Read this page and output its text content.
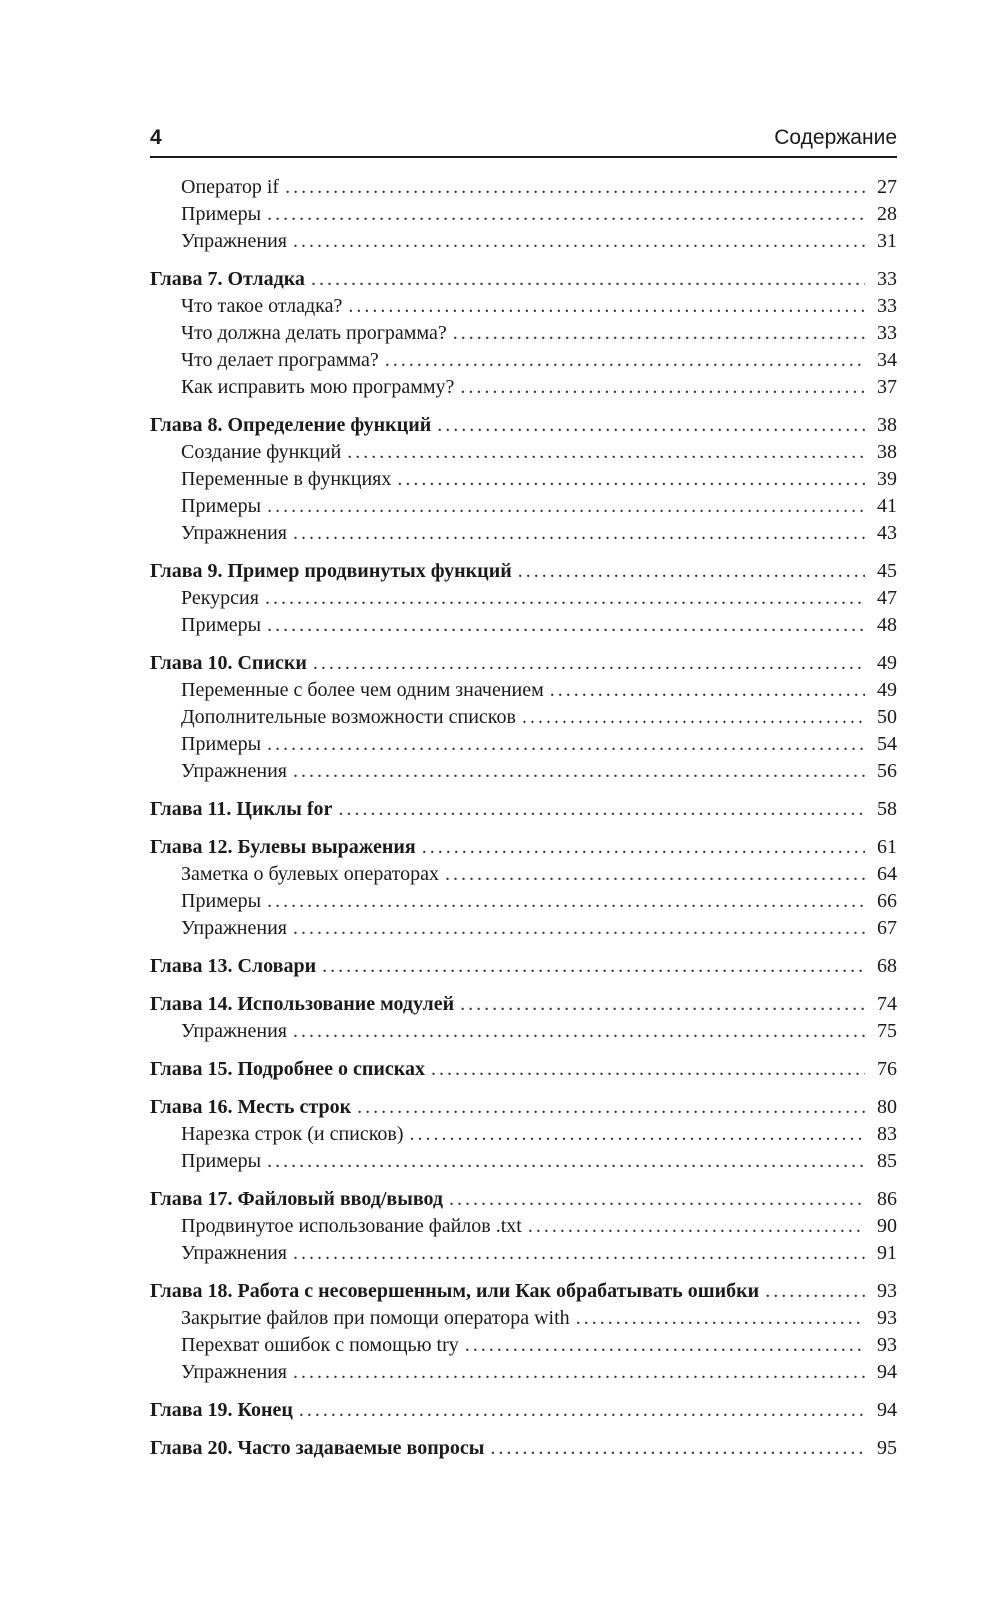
4	Содержание
Оператор if .....	27
Примеры .....	28
Упражнения .....	31
Глава 7. Отладка .....	33
Что такое отладка? .....	33
Что должна делать программа? .....	33
Что делает программа? .....	34
Как исправить мою программу? .....	37
Глава 8. Определение функций .....	38
Создание функций .....	38
Переменные в функциях .....	39
Примеры .....	41
Упражнения .....	43
Глава 9. Пример продвинутых функций .....	45
Рекурсия .....	47
Примеры .....	48
Глава 10. Списки .....	49
Переменные с более чем одним значением .....	49
Дополнительные возможности списков .....	50
Примеры .....	54
Упражнения .....	56
Глава 11. Циклы for .....	58
Глава 12. Булевы выражения .....	61
Заметка о булевых операторах .....	64
Примеры .....	66
Упражнения .....	67
Глава 13. Словари .....	68
Глава 14. Использование модулей .....	74
Упражнения .....	75
Глава 15. Подробнее о списках .....	76
Глава 16. Месть строк .....	80
Нарезка строк (и списков) .....	83
Примеры .....	85
Глава 17. Файловый ввод/вывод .....	86
Продвинутое использование файлов .txt .....	90
Упражнения .....	91
Глава 18. Работа с несовершенным, или Как обрабатывать ошибки .....	93
Закрытие файлов при помощи оператора with .....	93
Перехват ошибок с помощью try .....	93
Упражнения .....	94
Глава 19. Конец .....	94
Глава 20. Часто задаваемые вопросы .....	95
